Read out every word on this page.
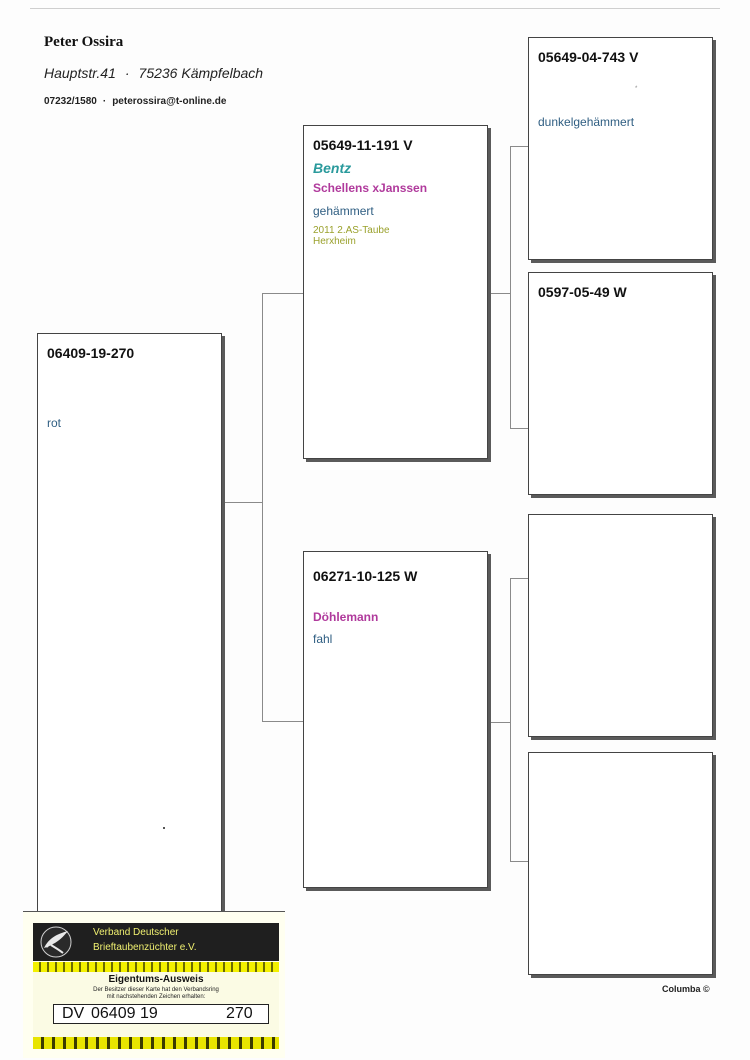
Peter Ossira
Hauptstr.41 · 75236 Kämpfelbach
07232/1580 · peterossira@t-online.de
06409-19-270
rot
05649-11-191 V
Bentz
Schellens xJanssen
gehämmert
2011 2.AS-Taube
Herxheim
06271-10-125 W
Döhlemann
fahl
05649-04-743 V
*
dunkelgehämmert
0597-05-49 W
Columba ©
Verband Deutscher
Brieftaubenzüchter e.V.
Eigentums-Ausweis
Der Besitzer dieser Karte hat den Verbandsring
mit nachstehenden Zeichen erhalten:
DV 06409 19	270
